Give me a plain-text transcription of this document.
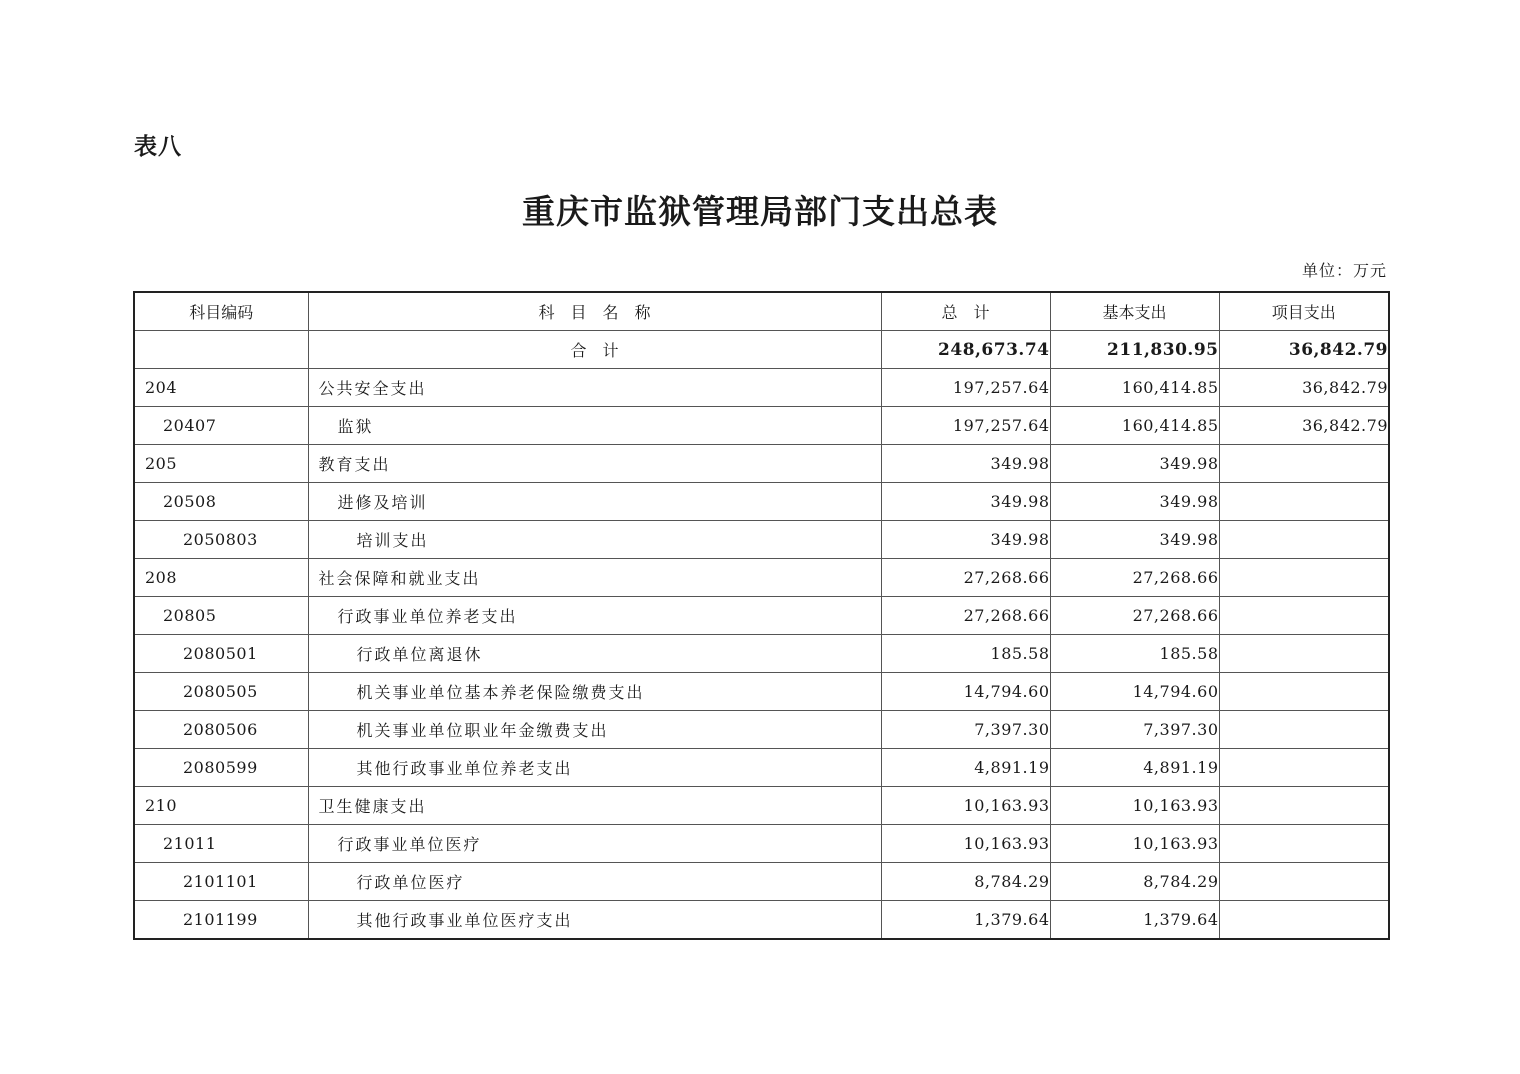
表八
重庆市监狱管理局部门支出总表
单位：万元
科目编码	科　目　名　称	总　计	基本支出	项目支出
	合　计	248,673.74	211,830.95	36,842.79
204	公共安全支出	197,257.64	160,414.85	36,842.79
20407	监狱	197,257.64	160,414.85	36,842.79
205	教育支出	349.98	349.98	
20508	进修及培训	349.98	349.98	
2050803	培训支出	349.98	349.98	
208	社会保障和就业支出	27,268.66	27,268.66	
20805	行政事业单位养老支出	27,268.66	27,268.66	
2080501	行政单位离退休	185.58	185.58	
2080505	机关事业单位基本养老保险缴费支出	14,794.60	14,794.60	
2080506	机关事业单位职业年金缴费支出	7,397.30	7,397.30	
2080599	其他行政事业单位养老支出	4,891.19	4,891.19	
210	卫生健康支出	10,163.93	10,163.93	
21011	行政事业单位医疗	10,163.93	10,163.93	
2101101	行政单位医疗	8,784.29	8,784.29	
2101199	其他行政事业单位医疗支出	1,379.64	1,379.64	
